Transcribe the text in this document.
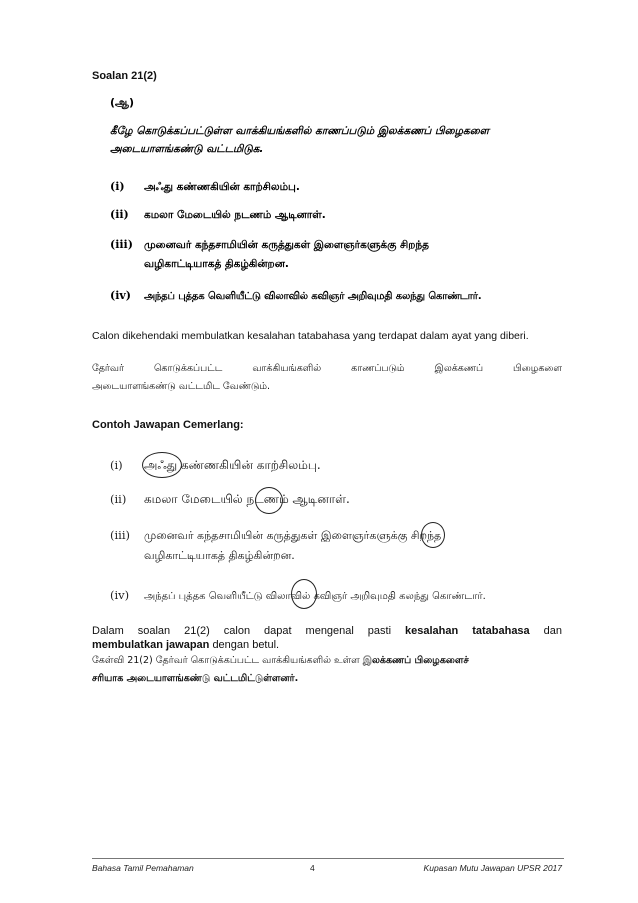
Soalan 21(2)
(ஆ)
கீழே கொடுக்கப்பட்டுள்ள வாக்கியங்களில் காணப்படும் இலக்கணப் பிழைகளை
அடையாளங்கண்டு வட்டமிடுக.
(i)	அஃது கண்ணகியின் காற்சிலம்பு.
(ii)	கமலா மேடையில் நடணம் ஆடினாள்.
(iii)	முனைவர் கந்தசாமியின் கருத்துகள் இளைஞர்களுக்கு சிறந்த
வழிகாட்டியாகத் திகழ்கின்றன.
(iv)	அந்தப் புத்தக வெளியீட்டு விலாவில் கவிஞர் அறிவுமதி கலந்து கொண்டார்.
Calon dikehendaki membulatkan kesalahan tatabahasa yang terdapat dalam ayat yang diberi.
தேர்வர் கொடுக்கப்பட்ட வாக்கியங்களில் காணப்படும் இலக்கணப் பிழைகளை
அடையாளங்கண்டு வட்டமிட வேண்டும்.
Contoh Jawapan Cemerlang:
(i)	அஃது கண்ணகியின் காற்சிலம்பு.
(ii)	கமலா மேடையில் நடணம் ஆடினாள்.
(iii)	முனைவர் கந்தசாமியின் கருத்துகள் இளைஞர்களுக்கு சிறந்த
வழிகாட்டியாகத் திகழ்கின்றன.
(iv)	அந்தப் புத்தக வெளியீட்டு விலாவில் கவிஞர் அறிவுமதி கலந்து கொண்டார்.
Dalam soalan 21(2) calon dapat mengenal pasti kesalahan tatabahasa dan
membulatkan jawapan dengan betul.
கேள்வி 21(2) தேர்வர் கொடுக்கப்பட்ட வாக்கியங்களில் உள்ள இலக்கணப் பிழைகளைச்
சரியாக அடையாளங்கண்டு வட்டமிட்டுள்ளனர்.
Bahasa Tamil Pemahaman	4	Kupasan Mutu Jawapan UPSR 2017
